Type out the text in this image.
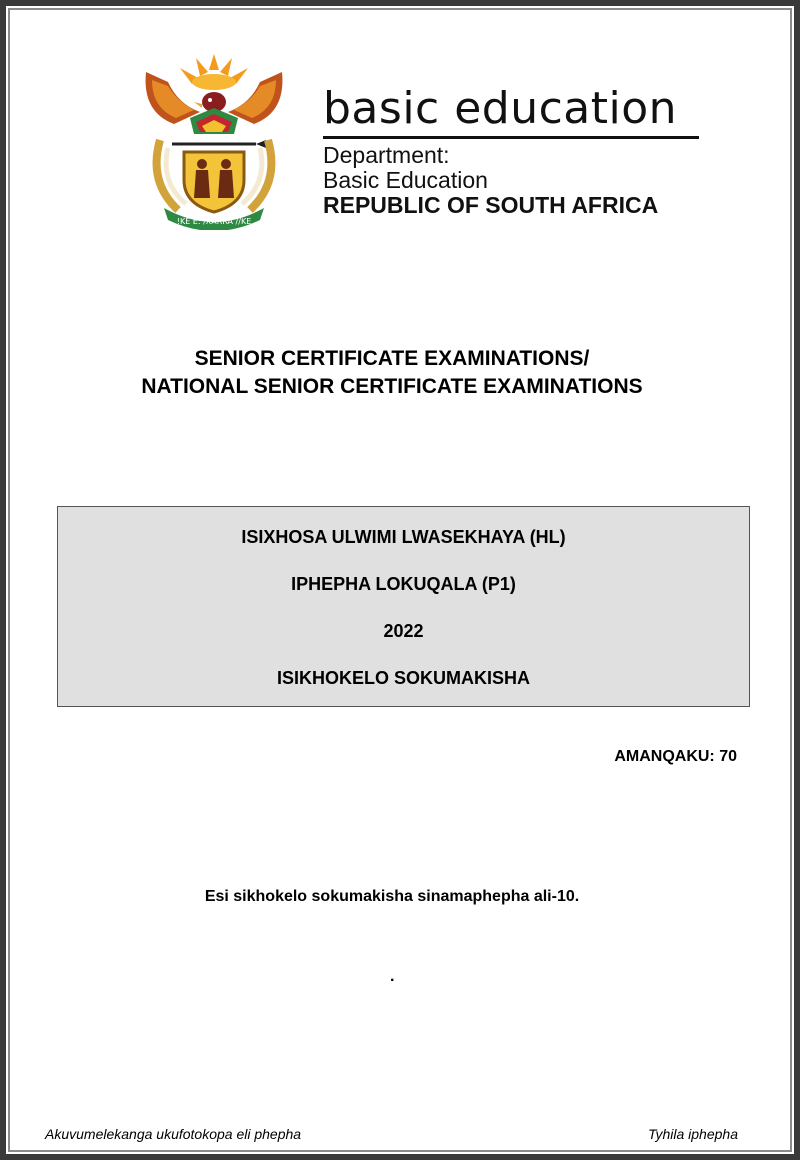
!KE E: /XARRA //KE
basic education
Department:
Basic Education
REPUBLIC OF SOUTH AFRICA
SENIOR CERTIFICATE EXAMINATIONS/
NATIONAL SENIOR CERTIFICATE EXAMINATIONS
ISIXHOSA ULWIMI LWASEKHAYA (HL)
IPHEPHA LOKUQALA (P1)
2022
ISIKHOKELO SOKUMAKISHA
AMANQAKU: 70
Esi sikhokelo sokumakisha sinamaphepha ali-10.
.
Akuvumelekanga ukufotokopa eli phepha	Tyhila iphepha
